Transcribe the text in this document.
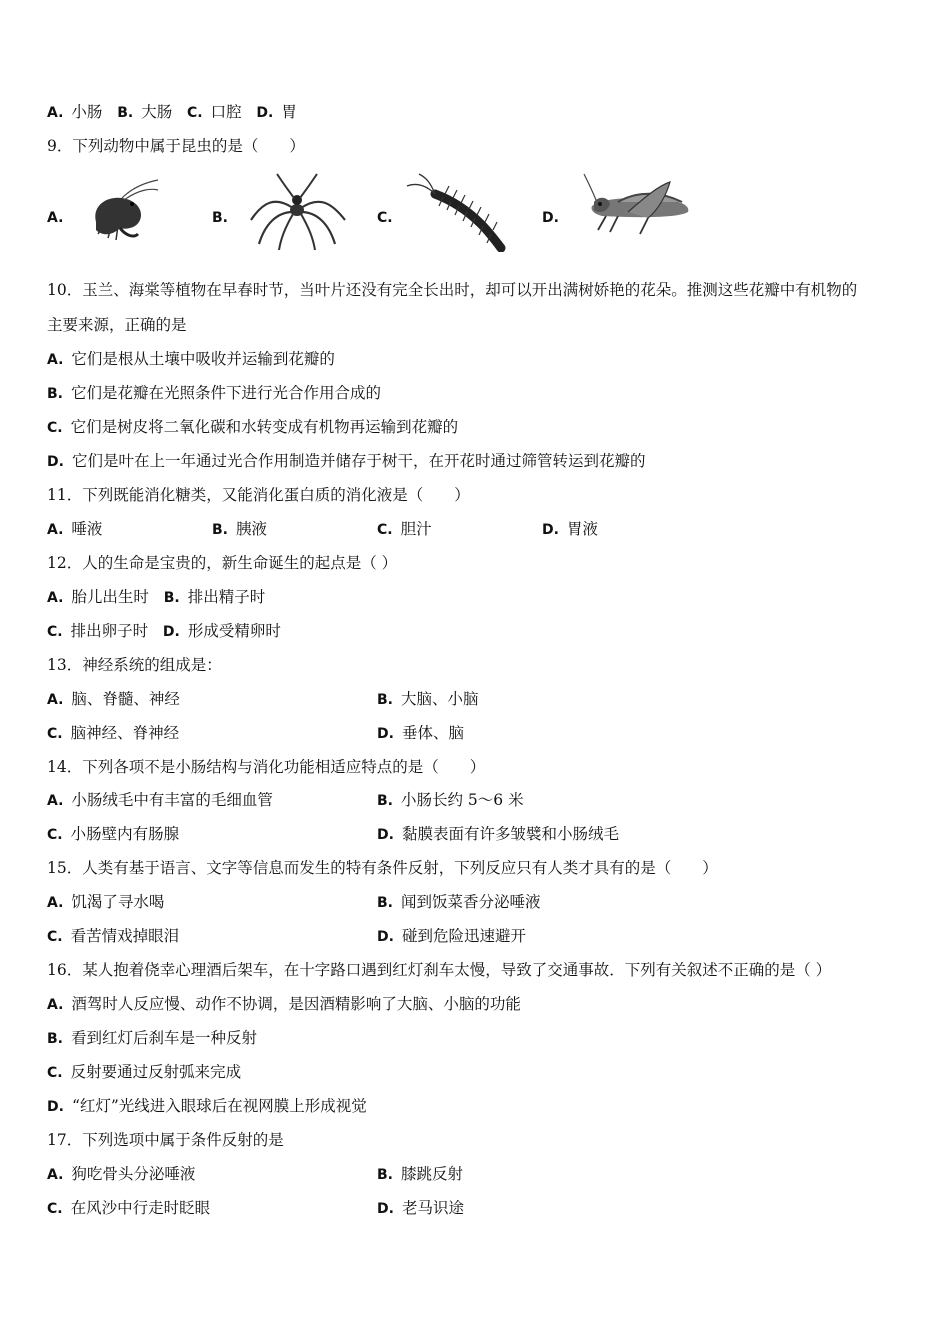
A. 小肠 B. 大肠 C. 口腔 D. 胃
9．下列动物中属于昆虫的是（　　）
A.	B.	C.	D.
10．玉兰、海棠等植物在早春时节，当叶片还没有完全长出时，却可以开出满树娇艳的花朵。推测这些花瓣中有机物的
主要来源，正确的是
A. 它们是根从土壤中吸收并运输到花瓣的
B. 它们是花瓣在光照条件下进行光合作用合成的
C. 它们是树皮将二氧化碳和水转变成有机物再运输到花瓣的
D. 它们是叶在上一年通过光合作用制造并储存于树干，在开花时通过筛管转运到花瓣的
11．下列既能消化糖类，又能消化蛋白质的消化液是（　　）
A. 唾液	B. 胰液	C. 胆汁	D. 胃液
12．人的生命是宝贵的，新生命诞生的起点是（ ）
A. 胎儿出生时 B. 排出精子时
C. 排出卵子时 D. 形成受精卵时
13．神经系统的组成是：
A. 脑、脊髓、神经	B. 大脑、小脑
C. 脑神经、脊神经	D. 垂体、脑
14．下列各项不是小肠结构与消化功能相适应特点的是（　　）
A. 小肠绒毛中有丰富的毛细血管	B. 小肠长约 5～6 米
C. 小肠壁内有肠腺	D. 黏膜表面有许多皱襞和小肠绒毛
15．人类有基于语言、文字等信息而发生的特有条件反射，下列反应只有人类才具有的是（　　）
A. 饥渴了寻水喝	B. 闻到饭菜香分泌唾液
C. 看苦情戏掉眼泪	D. 碰到危险迅速避开
16．某人抱着侥幸心理酒后架车，在十字路口遇到红灯刹车太慢，导致了交通事故．下列有关叙述不正确的是（ ）
A. 酒驾时人反应慢、动作不协调，是因酒精影响了大脑、小脑的功能
B. 看到红灯后刹车是一种反射
C. 反射要通过反射弧来完成
D. “红灯”光线进入眼球后在视网膜上形成视觉
17．下列选项中属于条件反射的是
A. 狗吃骨头分泌唾液	B. 膝跳反射
C. 在风沙中行走时眨眼	D. 老马识途
